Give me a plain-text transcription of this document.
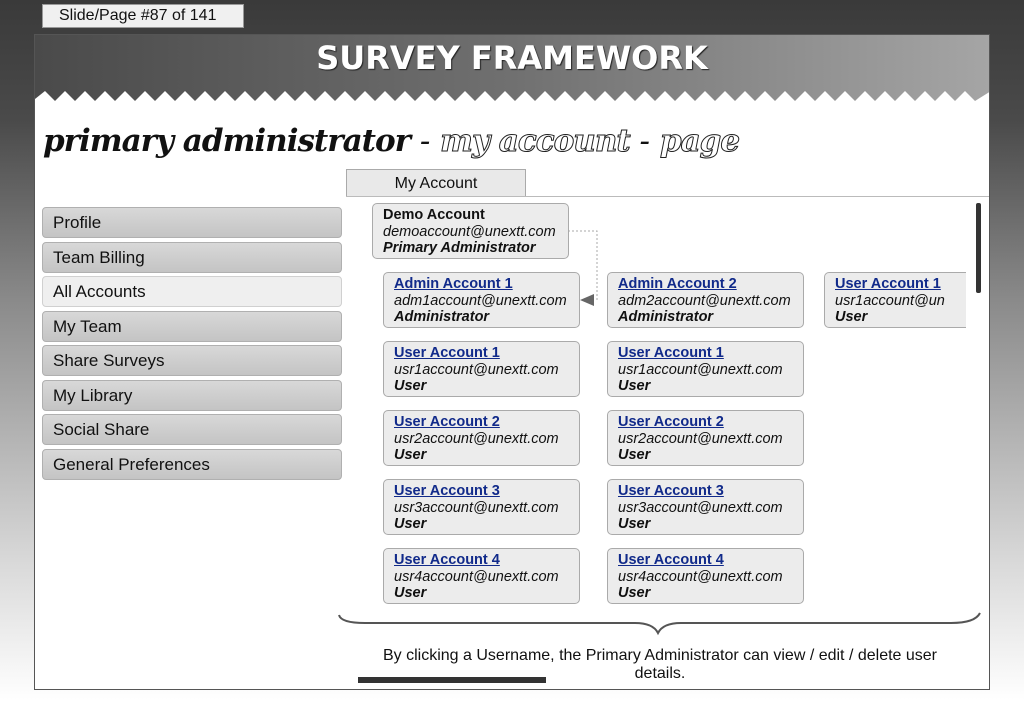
Slide/Page #87 of 141
SURVEY FRAMEWORK
primary administrator - my account - page
Profile
Team Billing
All Accounts
My Team
Share Surveys
My Library
Social Share
General Preferences
My Account
Demo Account
demoaccount@unextt.com
Primary Administrator
Admin Account 1
adm1account@unextt.com
Administrator
User Account 1
usr1account@unextt.com
User
User Account 2
usr2account@unextt.com
User
User Account 3
usr3account@unextt.com
User
User Account 4
usr4account@unextt.com
User
Admin Account 2
adm2account@unextt.com
Administrator
User Account 1
usr1account@unextt.com
User
User Account 2
usr2account@unextt.com
User
User Account 3
usr3account@unextt.com
User
User Account 4
usr4account@unextt.com
User
User Account 1
usr1account@un
User
By clicking a Username, the Primary Administrator can view / edit / delete user details.
